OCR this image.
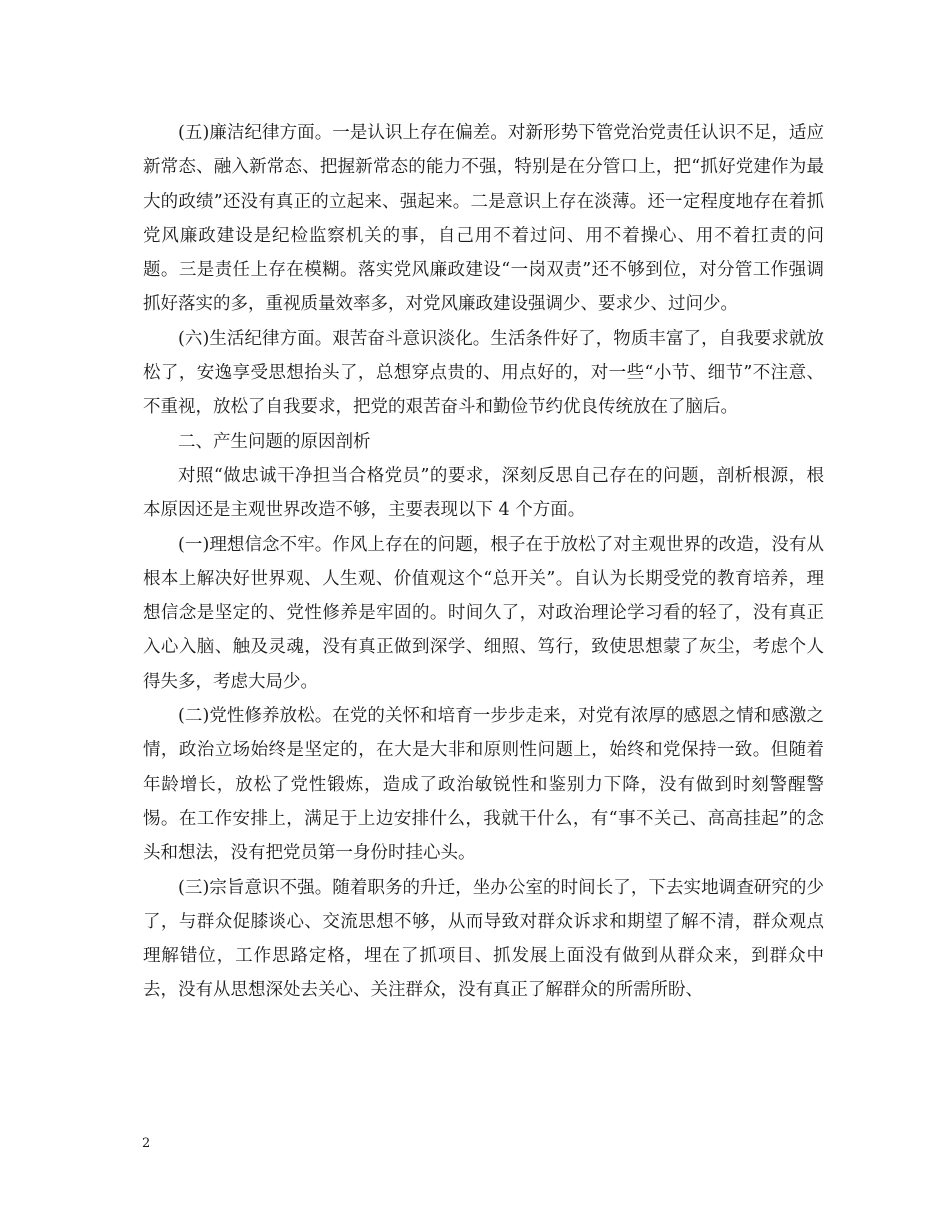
(五)廉洁纪律方面。一是认识上存在偏差。对新形势下管党治党责任认识不足，适应新常态、融入新常态、把握新常态的能力不强，特别是在分管口上，把“抓好党建作为最大的政绩”还没有真正的立起来、强起来。二是意识上存在淡薄。还一定程度地存在着抓党风廉政建设是纪检监察机关的事，自己用不着过问、用不着操心、用不着扛责的问题。三是责任上存在模糊。落实党风廉政建设“一岗双责”还不够到位，对分管工作强调抓好落实的多，重视质量效率多，对党风廉政建设强调少、要求少、过问少。

(六)生活纪律方面。艰苦奋斗意识淡化。生活条件好了，物质丰富了，自我要求就放松了，安逸享受思想抬头了，总想穿点贵的、用点好的，对一些“小节、细节”不注意、不重视，放松了自我要求，把党的艰苦奋斗和勤俭节约优良传统放在了脑后。

二、产生问题的原因剖析

对照“做忠诚干净担当合格党员”的要求，深刻反思自己存在的问题，剖析根源，根本原因还是主观世界改造不够，主要表现以下 4 个方面。

(一)理想信念不牢。作风上存在的问题，根子在于放松了对主观世界的改造，没有从根本上解决好世界观、人生观、价值观这个“总开关”。自认为长期受党的教育培养，理想信念是坚定的、党性修养是牢固的。时间久了，对政治理论学习看的轻了，没有真正入心入脑、触及灵魂，没有真正做到深学、细照、笃行，致使思想蒙了灰尘，考虑个人得失多，考虑大局少。

(二)党性修养放松。在党的关怀和培育一步步走来，对党有浓厚的感恩之情和感激之情，政治立场始终是坚定的，在大是大非和原则性问题上，始终和党保持一致。但随着年龄增长，放松了党性锻炼，造成了政治敏锐性和鉴别力下降，没有做到时刻警醒警惕。在工作安排上，满足于上边安排什么，我就干什么，有“事不关己、高高挂起”的念头和想法，没有把党员第一身份时挂心头。

(三)宗旨意识不强。随着职务的升迁，坐办公室的时间长了，下去实地调查研究的少了，与群众促膝谈心、交流思想不够，从而导致对群众诉求和期望了解不清，群众观点理解错位，工作思路定格，埋在了抓项目、抓发展上面没有做到从群众来，到群众中去，没有从思想深处去关心、关注群众，没有真正了解群众的所需所盼、

2
